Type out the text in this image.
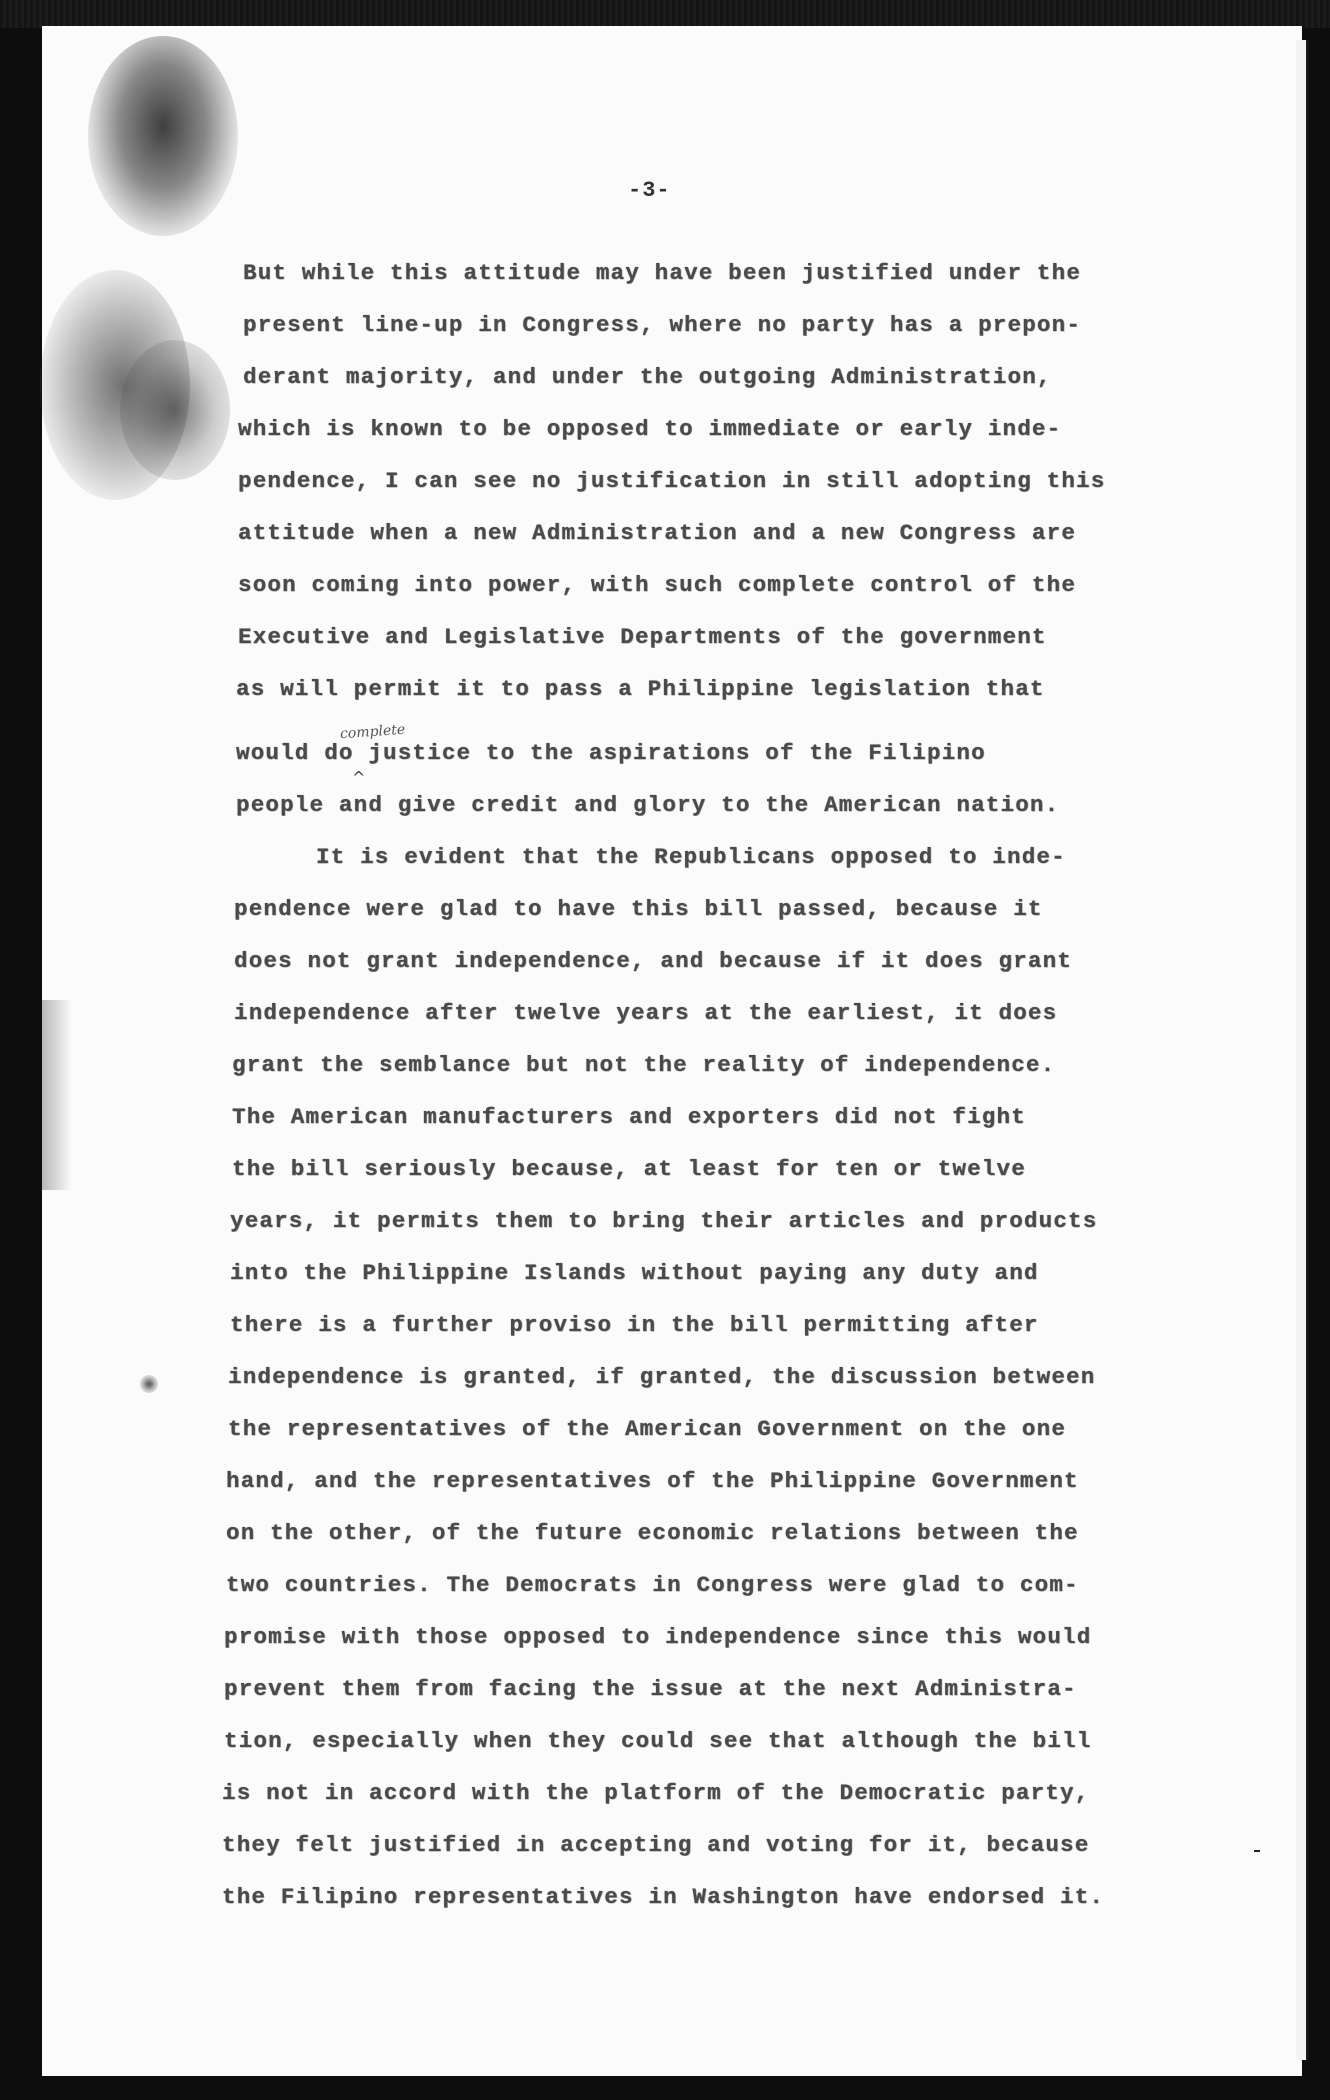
-3-
But while this attitude may have been justified under the
present line-up in Congress, where no party has a prepon-
derant majority, and under the outgoing Administration,
which is known to be opposed to immediate or early inde-
pendence, I can see no justification in still adopting this
attitude when a new Administration and a new Congress are
soon coming into power, with such complete control of the
Executive and Legislative Departments of the government
as will permit it to pass a Philippine legislation that
would do justice to the aspirations of the Filipino
people and give credit and glory to the American nation.
It is evident that the Republicans opposed to inde-
pendence were glad to have this bill passed, because it
does not grant independence, and because if it does grant
independence after twelve years at the earliest, it does
grant the semblance but not the reality of independence.
The American manufacturers and exporters did not fight
the bill seriously because, at least for ten or twelve
years, it permits them to bring their articles and products
into the Philippine Islands without paying any duty and
there is a further proviso in the bill permitting after
independence is granted, if granted, the discussion between
the representatives of the American Government on the one
hand, and the representatives of the Philippine Government
on the other, of the future economic relations between the
two countries. The Democrats in Congress were glad to com-
promise with those opposed to independence since this would
prevent them from facing the issue at the next Administra-
tion, especially when they could see that although the bill
is not in accord with the platform of the Democratic party,
they felt justified in accepting and voting for it, because
the Filipino representatives in Washington have endorsed it.
complete
^
